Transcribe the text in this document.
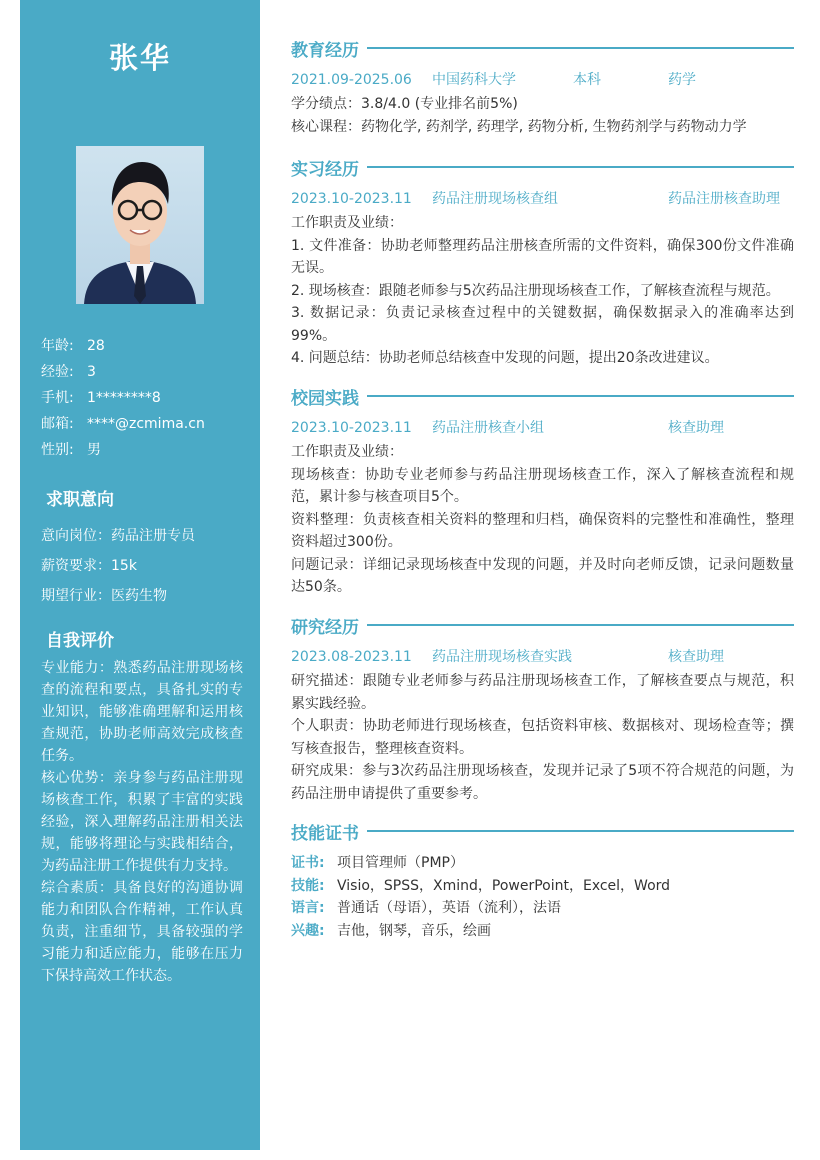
张华
年龄: 28
经验: 3
手机: 1********8
邮箱: ****@zcmima.cn
性别: 男
求职意向
意向岗位：药品注册专员
薪资要求：15k
期望行业：医药生物
自我评价

专业能力：熟悉药品注册现场核查的流程和要点，具备扎实的专业知识，能够准确理解和运用核查规范，协助老师高效完成核查任务。

核心优势：亲身参与药品注册现场核查工作，积累了丰富的实践经验，深入理解药品注册相关法规，能够将理论与实践相结合，为药品注册工作提供有力支持。

综合素质：具备良好的沟通协调能力和团队合作精神，工作认真负责，注重细节，具备较强的学习能力和适应能力，能够在压力下保持高效工作状态。

教育经历
2021.09-2025.06 中国药科大学	本科	药学

学分绩点：3.8/4.0 (专业排名前5%)

核心课程：药物化学, 药剂学, 药理学, 药物分析, 生物药剂学与药物动力学

实习经历
2023.10-2023.11 药品注册现场核查组	药品注册核查助理

工作职责及业绩：

1. 文件准备：协助老师整理药品注册核查所需的文件资料，确保300份文件准确无误。

2. 现场核查：跟随老师参与5次药品注册现场核查工作，了解核查流程与规范。

3. 数据记录：负责记录核查过程中的关键数据，确保数据录入的准确率达到99%。

4. 问题总结：协助老师总结核查中发现的问题，提出20条改进建议。

校园实践
2023.10-2023.11 药品注册核查小组	核查助理

工作职责及业绩：

现场核查：协助专业老师参与药品注册现场核查工作，深入了解核查流程和规范，累计参与核查项目5个。

资料整理：负责核查相关资料的整理和归档，确保资料的完整性和准确性，整理资料超过300份。

问题记录：详细记录现场核查中发现的问题，并及时向老师反馈，记录问题数量达50条。

研究经历
2023.08-2023.11 药品注册现场核查实践	核查助理

研究描述：跟随专业老师参与药品注册现场核查工作，了解核查要点与规范，积累实践经验。

个人职责：协助老师进行现场核查，包括资料审核、数据核对、现场检查等；撰写核查报告，整理核查资料。

研究成果：参与3次药品注册现场核查，发现并记录了5项不符合规范的问题，为药品注册申请提供了重要参考。

技能证书
证书: 项目管理师（PMP）
技能: Visio，SPSS，Xmind，PowerPoint，Excel，Word
语言: 普通话（母语），英语（流利），法语
兴趣: 吉他，钢琴，音乐，绘画
